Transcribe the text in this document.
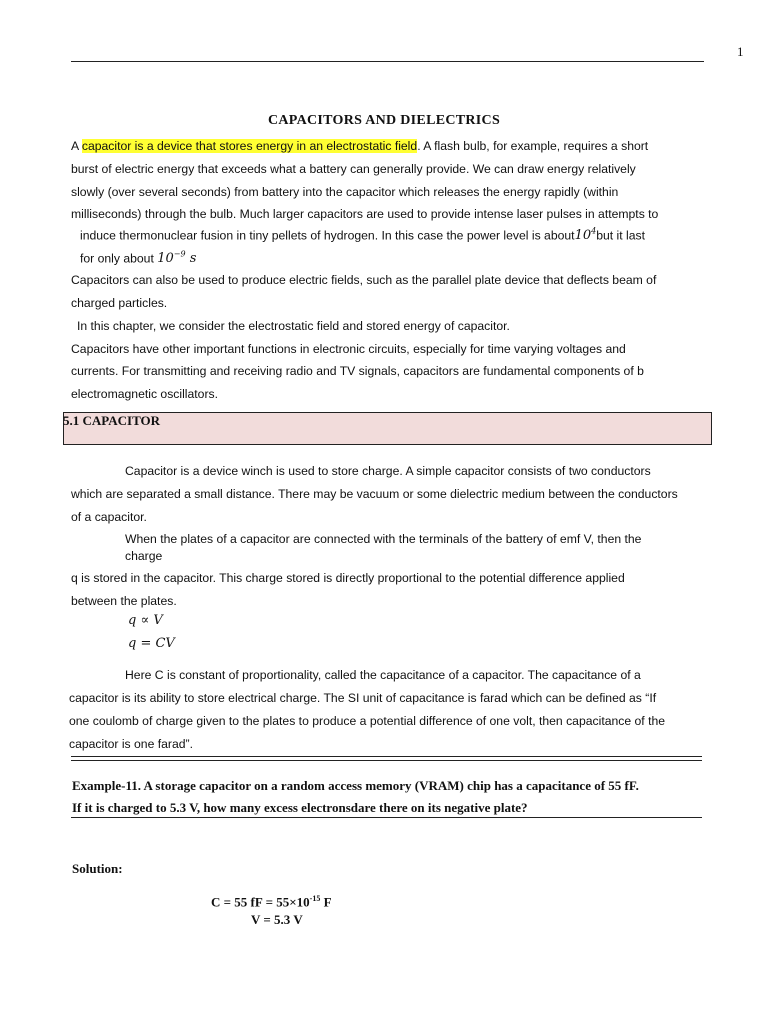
1
CAPACITORS AND DIELECTRICS
A capacitor is a device that stores energy in an electrostatic field. A flash bulb, for example, requires a short
burst of electric energy that exceeds what a battery can generally provide. We can draw energy relatively
slowly (over several seconds) from battery into the capacitor which releases the energy rapidly (within
milliseconds) through the bulb. Much larger capacitors are used to provide intense laser pulses in attempts to
induce thermonuclear fusion in tiny pellets of hydrogen. In this case the power level is $about10^4but$ it last
for only about $10^{-9}$ s
Capacitors can also be used to produce electric fields, such as the parallel plate device that deflects beam of
charged particles.
In this chapter, we consider the electrostatic field and stored energy of capacitor.
Capacitors have other important functions in electronic circuits, especially for time varying voltages and
currents. For transmitting and receiving radio and TV signals, capacitors are fundamental components of b
electromagnetic oscillators.
5.1 CAPACITOR
Capacitor is a device winch is used to store charge. A simple capacitor consists of two conductors
which are separated a small distance. There may be vacuum or some dielectric medium between the conductors
of a capacitor.
When the plates of a capacitor are connected with the terminals of the battery of emf V, then the
charge
q is stored in the capacitor. This charge stored is directly proportional to the potential difference applied
between the plates.
q ∝ V
q = CV
Here C is constant of proportionality, called the capacitance of a capacitor. The capacitance of a
capacitor is its ability to store electrical charge. The SI unit of capacitance is farad which can be defined as “If
one coulomb of charge given to the plates to produce a potential difference of one volt, then capacitance of the
capacitor is one farad”.
Example-11. A storage capacitor on a random access memory (VRAM) chip has a capacitance of 55 fF.
If it is charged to 5.3 V, how many excess electronsdare there on its negative plate?
Solution:
C = 55 fF = $55\times 10^{-15}$ F
V = 5.3 V
